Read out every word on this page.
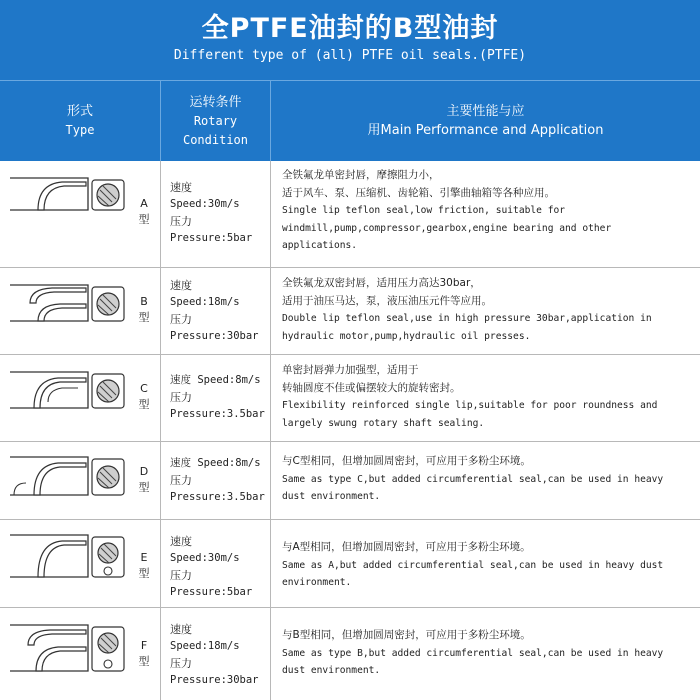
全PTFE油封的B型油封
Different type of (all) PTFE oil seals.(PTFE)
形式
Type
运转条件
Rotary
Condition
主要性能与应
用Main Performance and Application
A
型
速度
Speed:30m/s
压力
Pressure:5bar
全铁氟龙单密封唇，摩擦阻力小，
适于风车、泵、压缩机、齿轮箱、引擎曲轴箱等各种应用。
Single lip teflon seal,low friction, suitable for
windmill,pump,compressor,gearbox,engine bearing and other
applications.
B
型
速度
Speed:18m/s
压力
Pressure:30bar
全铁氟龙双密封唇，适用压力高达30bar，
适用于油压马达，泵，液压油压元件等应用。
Double lip teflon seal,use in high pressure 30bar,application in
hydraulic motor,pump,hydraulic oil presses.
C
型
速度 Speed:8m/s
压力
Pressure:3.5bar
单密封唇弹力加强型，适用于
转轴圆度不佳或偏摆较大的旋转密封。
Flexibility reinforced single lip,suitable for poor roundness and
largely swung rotary shaft sealing.
D
型
速度 Speed:8m/s
压力
Pressure:3.5bar
与C型相同，但增加圆周密封，可应用于多粉尘环境。
Same as type C,but added circumferential seal,can be used in heavy
dust environment.
E
型
速度
Speed:30m/s
压力
Pressure:5bar
与A型相同，但增加圆周密封，可应用于多粉尘环境。
Same as A,but added circumferential seal,can be used in heavy dust
environment.
F
型
速度
Speed:18m/s
压力
Pressure:30bar
与B型相同，但增加圆周密封，可应用于多粉尘环境。
Same as type B,but added circumferential seal,can be used in heavy
dust environment.
